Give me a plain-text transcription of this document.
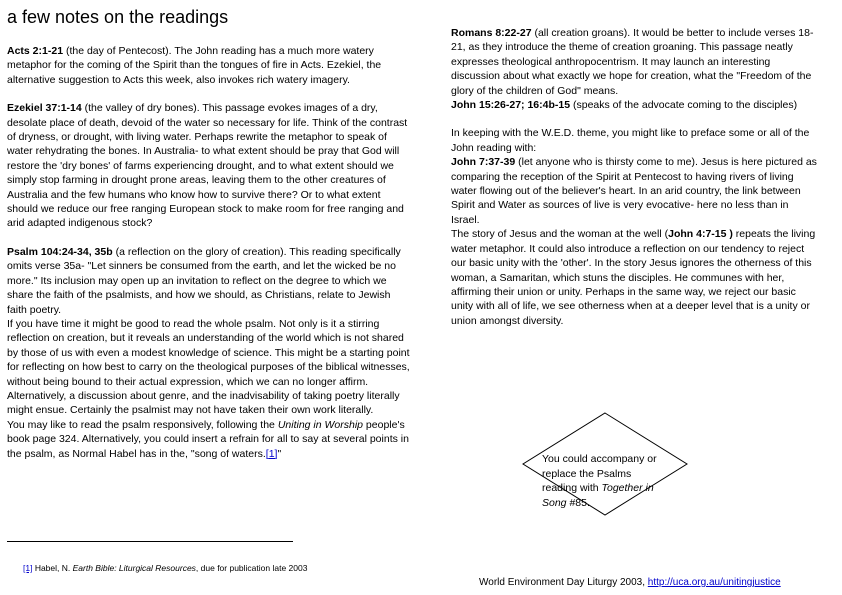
a few notes on the readings

Acts 2:1-21 (the day of Pentecost). The John reading has a much more watery metaphor for the coming of the Spirit than the tongues of fire in Acts. Ezekiel, the alternative suggestion to Acts this week, also invokes rich watery imagery.

Ezekiel 37:1-14 (the valley of dry bones). This passage evokes images of a dry, desolate place of death, devoid of the water so necessary for life. Think of the contrast of dryness, or drought, with living water. Perhaps rewrite the metaphor to speak of water rehydrating the bones. In Australia- to what extent should be pray that God will restore the 'dry bones' of farms experiencing drought, and to what extent should we simply stop farming in drought prone areas, leaving them to the other creatures of Australia and the few humans who know how to survive there? Or to what extent should we reduce our free ranging European stock to make room for free ranging and arid adapted indigenous stock?

Psalm 104:24-34, 35b (a reflection on the glory of creation). This reading specifically omits verse 35a- "Let sinners be consumed from the earth, and let the wicked be no more." Its inclusion may open up an invitation to reflect on the degree to which we share the faith of the psalmists, and how we should, as Christians, relate to Jewish faith poetry.

If you have time it might be good to read the whole psalm. Not only is it a stirring reflection on creation, but it reveals an understanding of the world which is not shared by those of us with even a modest knowledge of science. This might be a starting point for reflecting on how best to carry on the theological purposes of the biblical witnesses, without being bound to their actual expression, which we can no longer affirm. Alternatively, a discussion about genre, and the inadvisability of taking poetry literally might ensue. Certainly the psalmist may not have taken their own work literally.

You may like to read the psalm responsively, following the Uniting in Worship people's book page 324. Alternatively, you could insert a refrain for all to say at several points in the psalm, as Normal Habel has in the, "song of waters.[1]"

Romans 8:22-27 (all creation groans). It would be better to include verses 18-21, as they introduce the theme of creation groaning. This passage neatly expresses theological anthropocentrism. It may launch an interesting discussion about what exactly we hope for creation, what the "Freedom of the glory of the children of God" means.

John 15:26-27; 16:4b-15 (speaks of the advocate coming to the disciples)

In keeping with the W.E.D. theme, you might like to preface some or all of the John reading with:

John 7:37-39 (let anyone who is thirsty come to me). Jesus is here pictured as comparing the reception of the Spirit at Pentecost to having rivers of living water flowing out of the believer's heart. In an arid country, the link between Spirit and Water as sources of live is very evocative- here no less than in Israel.

The story of Jesus and the woman at the well (John 4:7-15 ) repeats the living water metaphor. It could also introduce a reflection on our tendency to reject our basic unity with the 'other'. In the story Jesus ignores the otherness of this woman, a Samaritan, which stuns the disciples. He communes with her, affirming their union or unity. Perhaps in the same way, we reject our basic unity with all of life, we see otherness when at a deeper level that is a unity or union amongst diversity.

You could accompany or replace the Psalms reading with Together in Song #85.
[1] Habel, N. Earth Bible: Liturgical Resources, due for publication late 2003
World Environment Day Liturgy 2003, http://uca.org.au/unitingjustice
